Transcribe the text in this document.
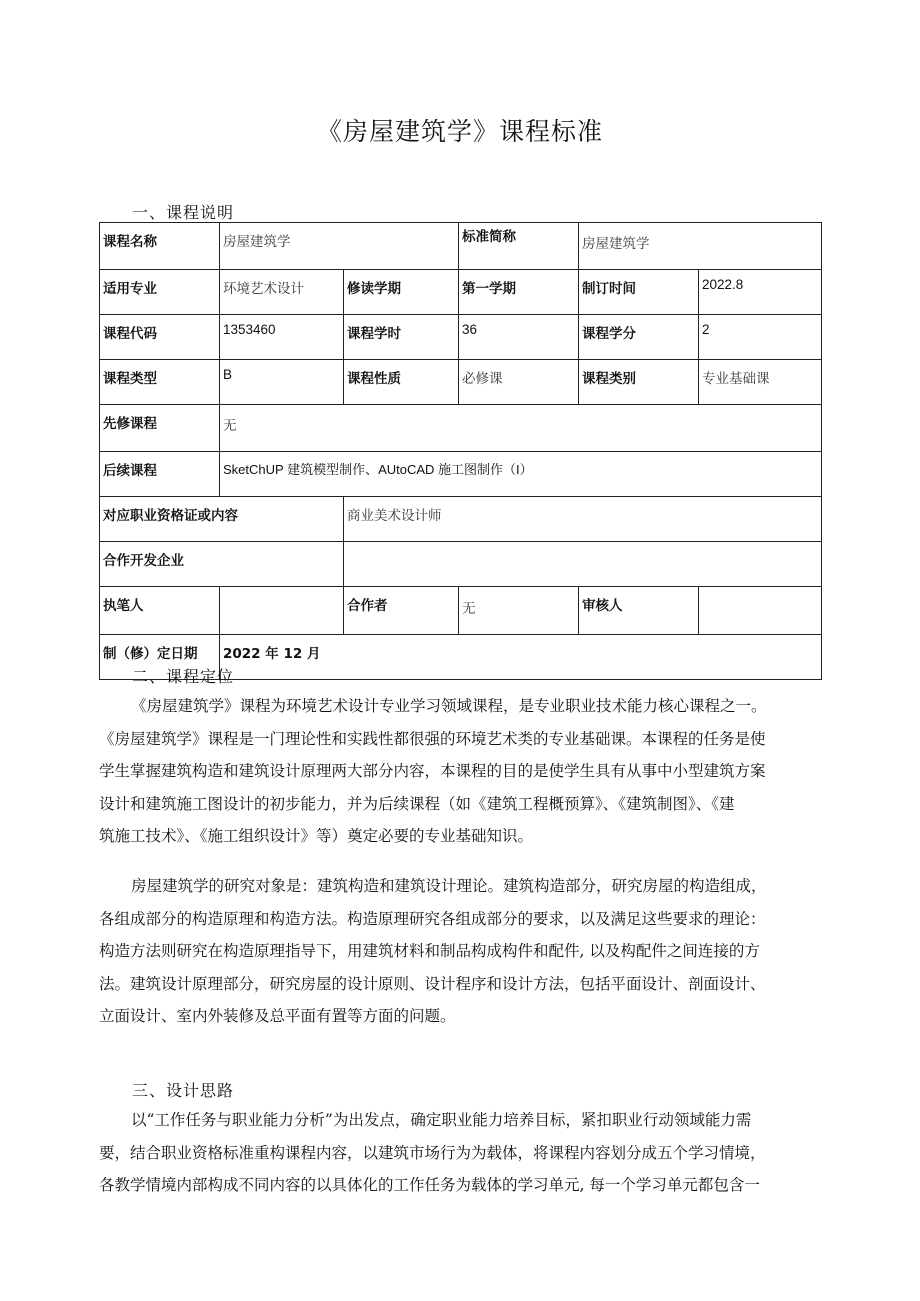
《房屋建筑学》课程标准
一、课程说明
课程名称	房屋建筑学		标准简称	房屋建筑学	
适用专业	环境艺术设计	修读学期	第一学期	制订时间	2022.8
课程代码	1353460	课程学时	36	课程学分	2
课程类型	B	课程性质	必修课	课程类别	专业基础课
先修课程	无				
后续课程	SketChUP 建筑模型制作、AUtoCAD 施工图制作（I）				
对应职业资格证或内容		商业美术设计师			
合作开发企业					
执笔人		合作者	无	审核人	
制（修）定日期	2022 年 12 月				
二、课程定位
《房屋建筑学》课程为环境艺术设计专业学习领域课程，是专业职业技术能力核心课程之一。
《房屋建筑学》课程是一门理论性和实践性都很强的环境艺术类的专业基础课。本课程的任务是使
学生掌握建筑构造和建筑设计原理两大部分内容，本课程的目的是使学生具有从事中小型建筑方案
设计和建筑施工图设计的初步能力，并为后续课程（如《建筑工程概预算》、《建筑制图》、《建
筑施工技术》、《施工组织设计》等）奠定必要的专业基础知识。
房屋建筑学的研究对象是：建筑构造和建筑设计理论。建筑构造部分，研究房屋的构造组成，
各组成部分的构造原理和构造方法。构造原理研究各组成部分的要求，以及满足这些要求的理论：
构造方法则研究在构造原理指导下，用建筑材料和制品构成构件和配件, 以及构配件之间连接的方
法。建筑设计原理部分，研究房屋的设计原则、设计程序和设计方法，包括平面设计、剖面设计、
立面设计、室内外装修及总平面有置等方面的问题。
三、设计思路
以“工作任务与职业能力分析”为出发点，确定职业能力培养目标，紧扣职业行动领域能力需
要，结合职业资格标准重构课程内容，以建筑市场行为为载体，将课程内容划分成五个学习情境，
各教学情境内部构成不同内容的以具体化的工作任务为载体的学习单元, 每一个学习单元都包含一
